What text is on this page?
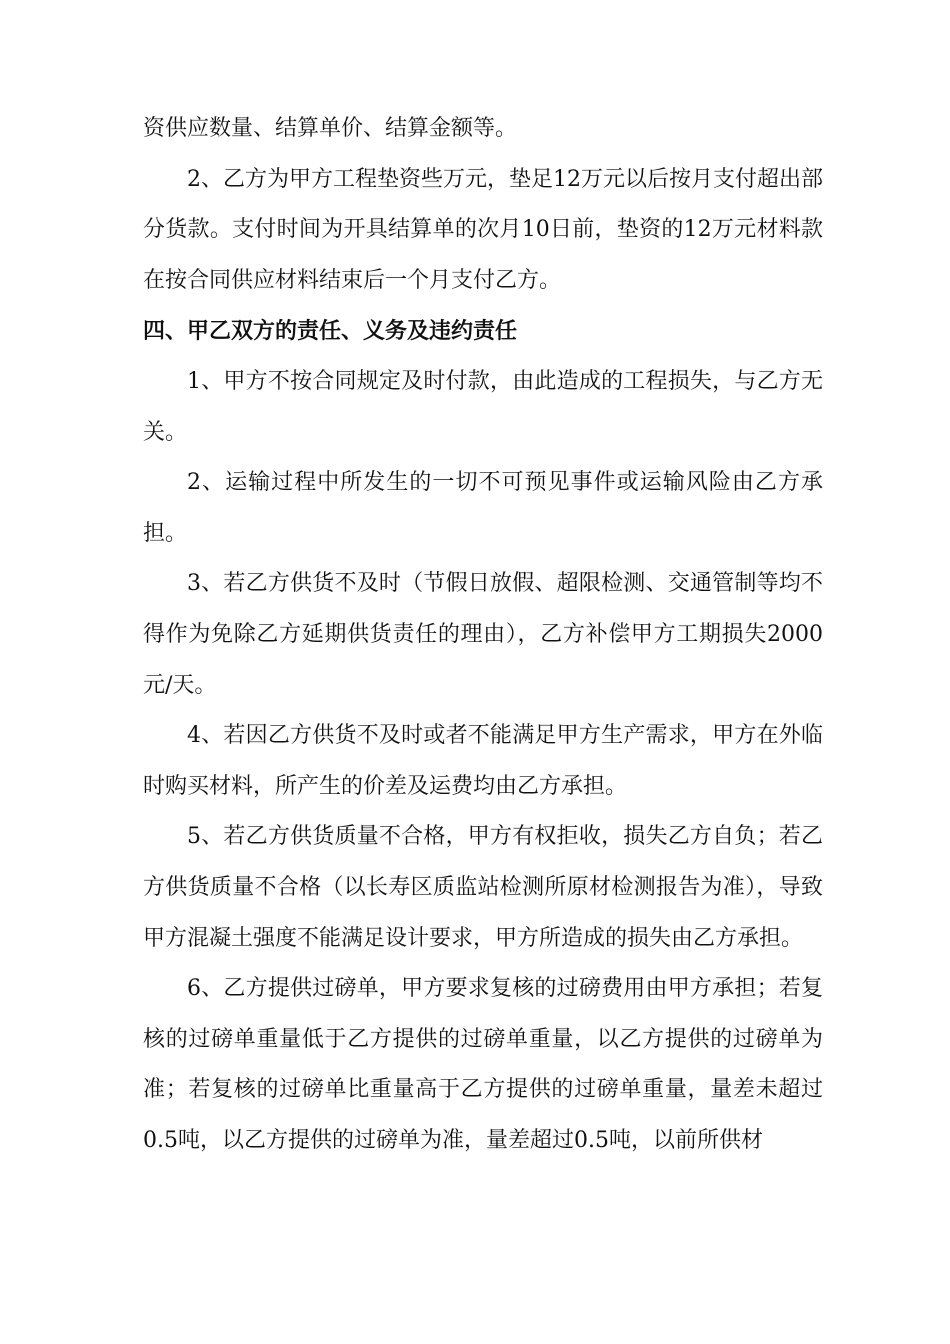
资供应数量、结算单价、结算金额等。

2、乙方为甲方工程垫资些万元，垫足12万元以后按月支付超出部分货款。支付时间为开具结算单的次月10日前，垫资的12万元材料款在按合同供应材料结束后一个月支付乙方。

四、甲乙双方的责任、义务及违约责任

1、甲方不按合同规定及时付款，由此造成的工程损失，与乙方无关。

2、运输过程中所发生的一切不可预见事件或运输风险由乙方承担。

3、若乙方供货不及时（节假日放假、超限检测、交通管制等均不得作为免除乙方延期供货责任的理由），乙方补偿甲方工期损失2000元/天。

4、若因乙方供货不及时或者不能满足甲方生产需求，甲方在外临时购买材料，所产生的价差及运费均由乙方承担。

5、若乙方供货质量不合格，甲方有权拒收，损失乙方自负；若乙方供货质量不合格（以长寿区质监站检测所原材检测报告为准），导致甲方混凝土强度不能满足设计要求，甲方所造成的损失由乙方承担。

6、乙方提供过磅单，甲方要求复核的过磅费用由甲方承担；若复核的过磅单重量低于乙方提供的过磅单重量，以乙方提供的过磅单为准；若复核的过磅单比重量高于乙方提供的过磅单重量，量差未超过0.5吨，以乙方提供的过磅单为准，量差超过0.5吨，以前所供材
